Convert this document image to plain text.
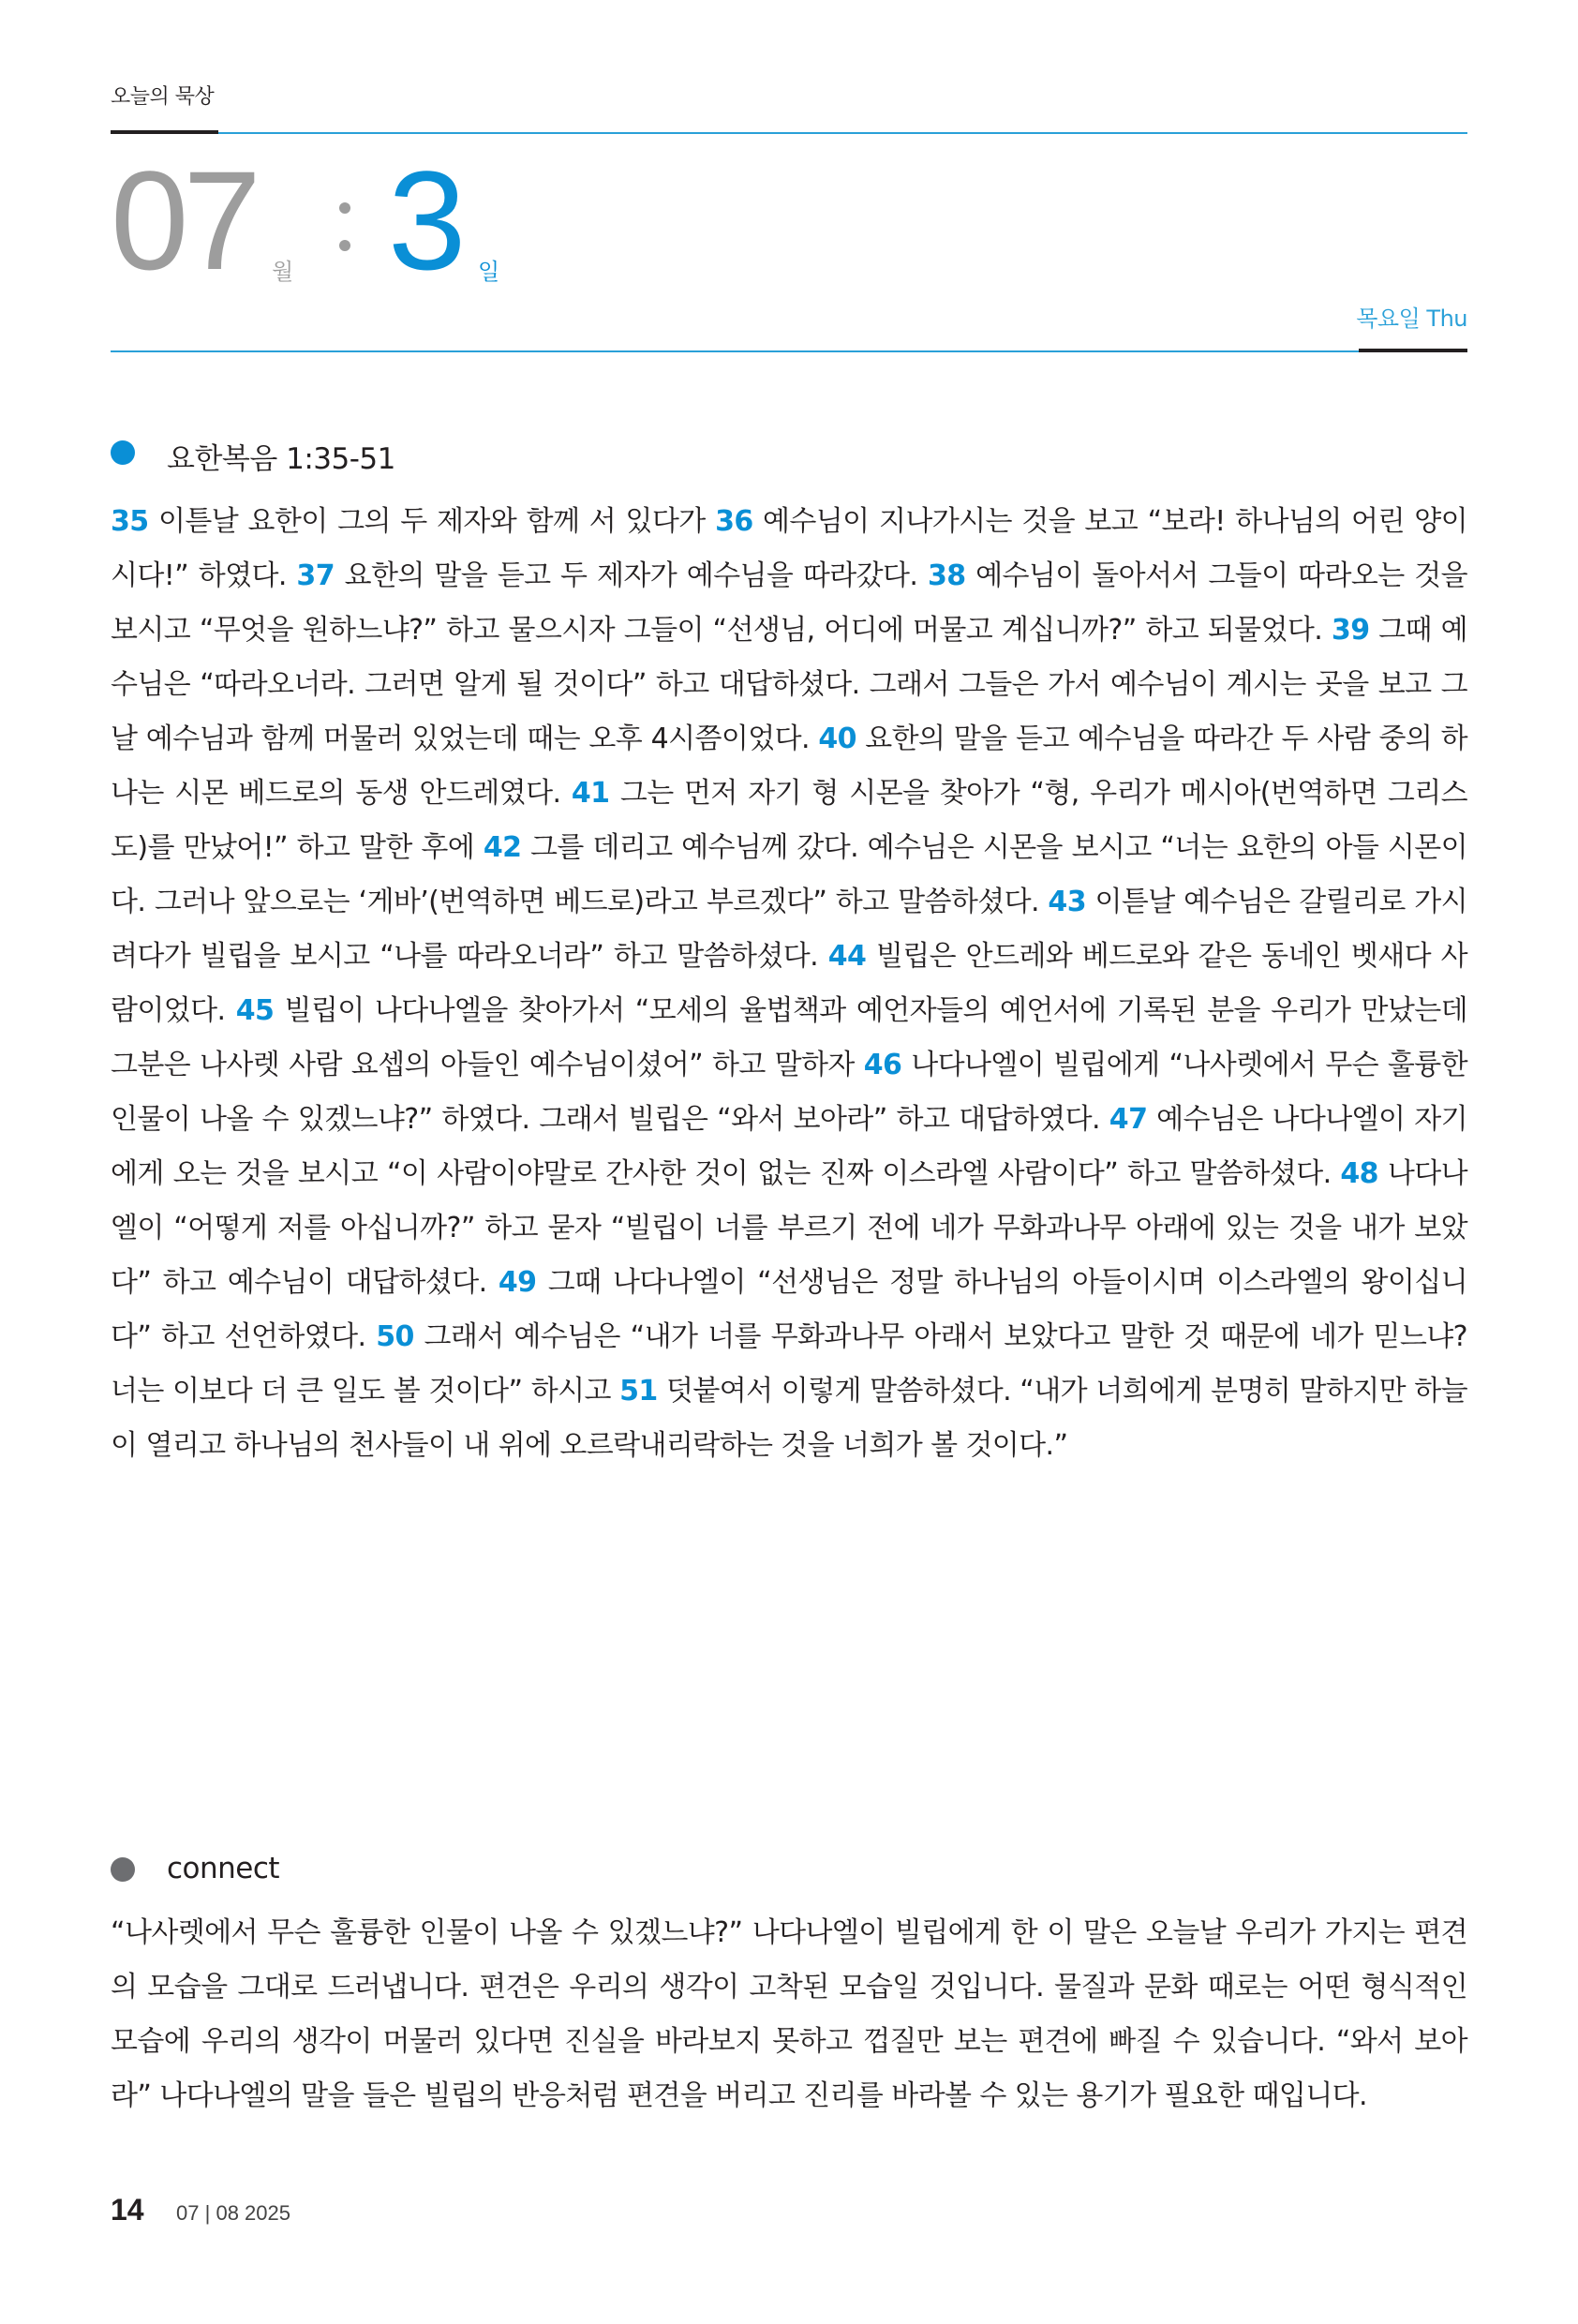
오늘의 묵상
07 월 3 일
목요일 Thu
요한복음 1:35-51
35 이튿날 요한이 그의 두 제자와 함께 서 있다가 36 예수님이 지나가시는 것을 보고 “보라! 하나님의 어린 양이시다!” 하였다. 37 요한의 말을 듣고 두 제자가 예수님을 따라갔다. 38 예수님이 돌아서서 그들이 따라오는 것을 보시고 “무엇을 원하느냐?” 하고 물으시자 그들이 “선생님, 어디에 머물고 계십니까?” 하고 되물었다. 39 그때 예수님은 “따라오너라. 그러면 알게 될 것이다” 하고 대답하셨다. 그래서 그들은 가서 예수님이 계시는 곳을 보고 그 날 예수님과 함께 머물러 있었는데 때는 오후 4시쯤이었다. 40 요한의 말을 듣고 예수님을 따라간 두 사람 중의 하나는 시몬 베드로의 동생 안드레였다. 41 그는 먼저 자기 형 시몬을 찾아가 “형, 우리가 메시아(번역하면 그리스도)를 만났어!” 하고 말한 후에 42 그를 데리고 예수님께 갔다. 예수님은 시몬을 보시고 “너는 요한의 아들 시몬이다. 그러나 앞으로는 ‘게바’(번역하면 베드로)라고 부르겠다” 하고 말씀하셨다. 43 이튿날 예수님은 갈릴리로 가시려다가 빌립을 보시고 “나를 따라오너라” 하고 말씀하셨다. 44 빌립은 안드레와 베드로와 같은 동네인 벳새다 사람이었다. 45 빌립이 나다나엘을 찾아가서 “모세의 율법책과 예언자들의 예언서에 기록된 분을 우리가 만났는데 그분은 나사렛 사람 요셉의 아들인 예수님이셨어” 하고 말하자 46 나다나엘이 빌립에게 “나사렛에서 무슨 훌륭한 인물이 나올 수 있겠느냐?” 하였다. 그래서 빌립은 “와서 보아라” 하고 대답하였다. 47 예수님은 나다나엘이 자기에게 오는 것을 보시고 “이 사람이야말로 간사한 것이 없는 진짜 이스라엘 사람이다” 하고 말씀하셨다. 48 나다나엘이 “어떻게 저를 아십니까?” 하고 묻자 “빌립이 너를 부르기 전에 네가 무화과나무 아래에 있는 것을 내가 보았다” 하고 예수님이 대답하셨다. 49 그때 나다나엘이 “선생님은 정말 하나님의 아들이시며 이스라엘의 왕이십니다” 하고 선언하였다. 50 그래서 예수님은 “내가 너를 무화과나무 아래서 보았다고 말한 것 때문에 네가 믿느냐? 너는 이보다 더 큰 일도 볼 것이다” 하시고 51 덧붙여서 이렇게 말씀하셨다. “내가 너희에게 분명히 말하지만 하늘이 열리고 하나님의 천사들이 내 위에 오르락내리락하는 것을 너희가 볼 것이다.”
connect
“나사렛에서 무슨 훌륭한 인물이 나올 수 있겠느냐?” 나다나엘이 빌립에게 한 이 말은 오늘날 우리가 가지는 편견의 모습을 그대로 드러냅니다. 편견은 우리의 생각이 고착된 모습일 것입니다. 물질과 문화 때로는 어떤 형식적인 모습에 우리의 생각이 머물러 있다면 진실을 바라보지 못하고 껍질만 보는 편견에 빠질 수 있습니다. “와서 보아라” 나다나엘의 말을 들은 빌립의 반응처럼 편견을 버리고 진리를 바라볼 수 있는 용기가 필요한 때입니다.
14 07 | 08 2025
